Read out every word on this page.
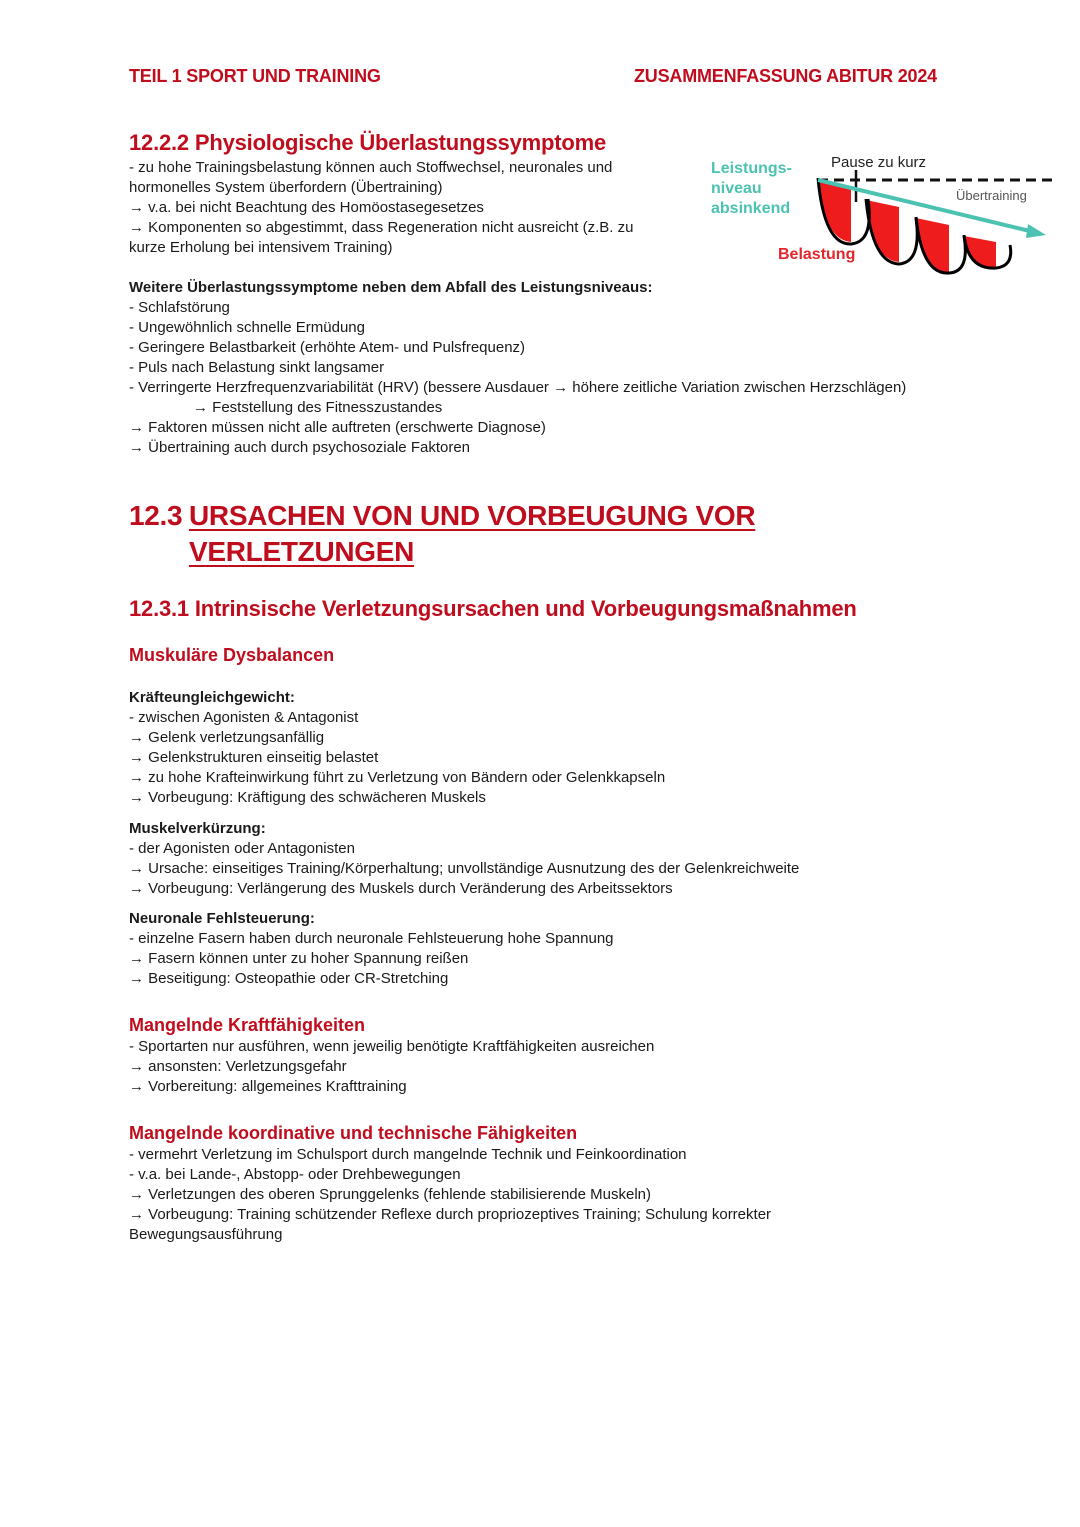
TEIL 1 SPORT UND TRAINING	ZUSAMMENFASSUNG ABITUR 2024
12.2.2 Physiologische Überlastungssymptome
- zu hohe Trainingsbelastung können auch Stoffwechsel, neuronales und
hormonelles System überfordern (Übertraining)
→ v.a. bei nicht Beachtung des Homöostasegesetzes
→ Komponenten so abgestimmt, dass Regeneration nicht ausreicht (z.B. zu
kurze Erholung bei intensivem Training)
Leistungs-
niveau
absinkend
Pause zu kurz
Übertraining
Belastung
Weitere Überlastungssymptome neben dem Abfall des Leistungsniveaus:
- Schlafstörung
- Ungewöhnlich schnelle Ermüdung
- Geringere Belastbarkeit (erhöhte Atem- und Pulsfrequenz)
- Puls nach Belastung sinkt langsamer
- Verringerte Herzfrequenzvariabilität (HRV) (bessere Ausdauer → höhere zeitliche Variation zwischen Herzschlägen)
→ Feststellung des Fitnesszustandes
→ Faktoren müssen nicht alle auftreten (erschwerte Diagnose)
→ Übertraining auch durch psychosoziale Faktoren
12.3 URSACHEN VON UND VORBEUGUNG VOR
VERLETZUNGEN
12.3.1 Intrinsische Verletzungsursachen und Vorbeugungsmaßnahmen
Muskuläre Dysbalancen
Kräfteungleichgewicht:
- zwischen Agonisten & Antagonist
→ Gelenk verletzungsanfällig
→ Gelenkstrukturen einseitig belastet
→ zu hohe Krafteinwirkung führt zu Verletzung von Bändern oder Gelenkkapseln
→ Vorbeugung: Kräftigung des schwächeren Muskels
Muskelverkürzung:
- der Agonisten oder Antagonisten
→ Ursache: einseitiges Training/Körperhaltung; unvollständige Ausnutzung des der Gelenkreichweite
→ Vorbeugung: Verlängerung des Muskels durch Veränderung des Arbeitssektors
Neuronale Fehlsteuerung:
- einzelne Fasern haben durch neuronale Fehlsteuerung hohe Spannung
→ Fasern können unter zu hoher Spannung reißen
→ Beseitigung: Osteopathie oder CR-Stretching
Mangelnde Kraftfähigkeiten
- Sportarten nur ausführen, wenn jeweilig benötigte Kraftfähigkeiten ausreichen
→ ansonsten: Verletzungsgefahr
→ Vorbereitung: allgemeines Krafttraining
Mangelnde koordinative und technische Fähigkeiten
- vermehrt Verletzung im Schulsport durch mangelnde Technik und Feinkoordination
- v.a. bei Lande-, Abstopp- oder Drehbewegungen
→ Verletzungen des oberen Sprunggelenks (fehlende stabilisierende Muskeln)
→ Vorbeugung: Training schützender Reflexe durch propriozeptives Training; Schulung korrekter
Bewegungsausführung
